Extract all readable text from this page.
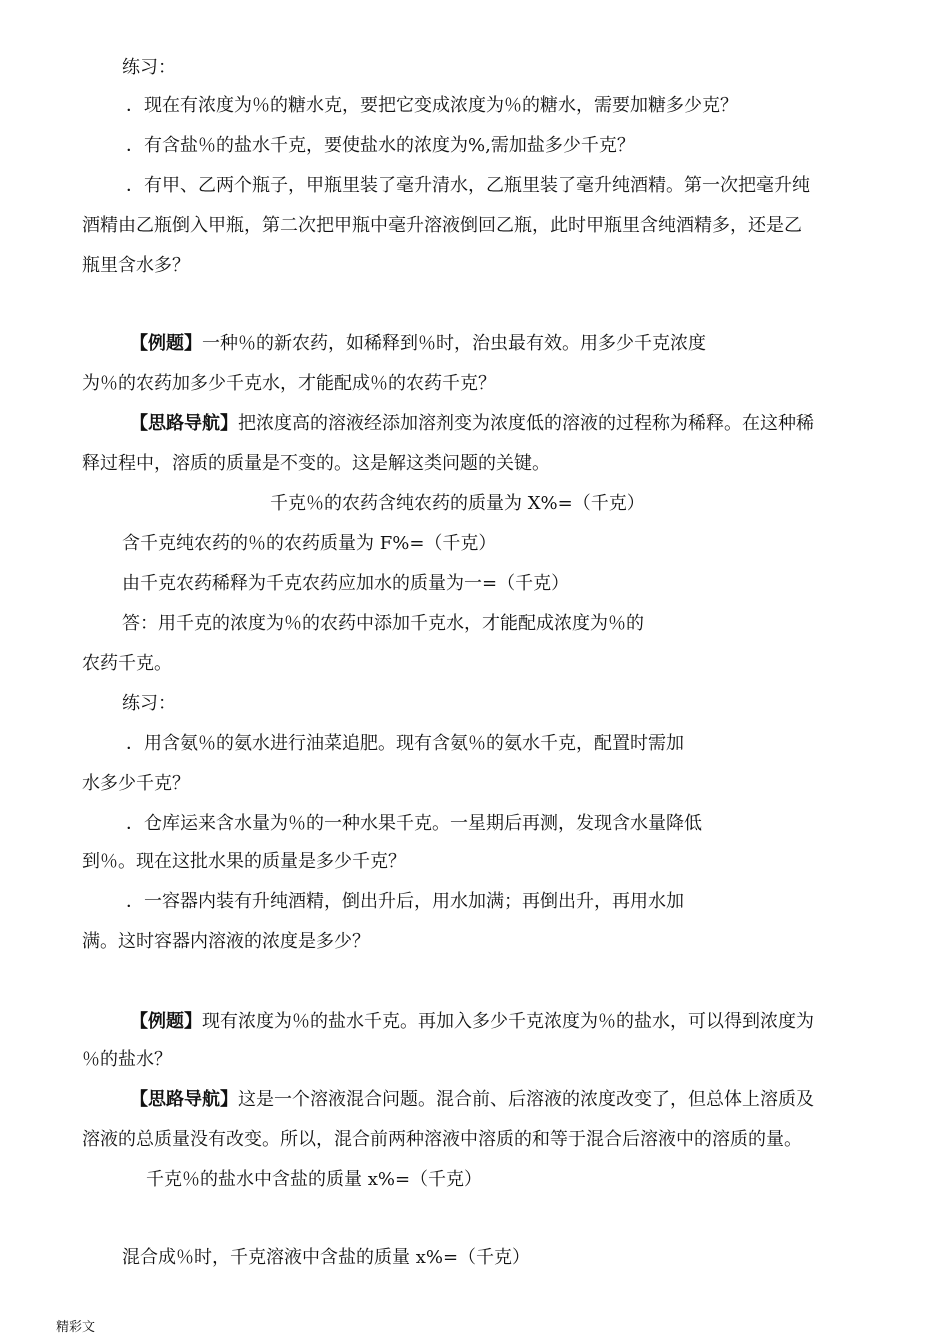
练习：
．现在有浓度为％的糖水克，要把它变成浓度为％的糖水，需要加糖多少克？
．有含盐％的盐水千克，要使盐水的浓度为%,需加盐多少千克？
．有甲、乙两个瓶子，甲瓶里装了毫升清水，乙瓶里装了毫升纯酒精。第一次把毫升纯
酒精由乙瓶倒入甲瓶，第二次把甲瓶中毫升溶液倒回乙瓶，此时甲瓶里含纯酒精多，还是乙
瓶里含水多？
【例题】一种％的新农药，如稀释到％时，治虫最有效。用多少千克浓度
为％的农药加多少千克水，才能配成％的农药千克？
【思路导航】把浓度高的溶液经添加溶剂变为浓度低的溶液的过程称为稀释。在这种稀
释过程中，溶质的质量是不变的。这是解这类问题的关键。
千克％的农药含纯农药的质量为 X%=（千克）
含千克纯农药的％的农药质量为 F%=（千克）
由千克农药稀释为千克农药应加水的质量为一=（千克）
答：用千克的浓度为％的农药中添加千克水，才能配成浓度为％的
农药千克。
练习：
．用含氨％的氨水进行油菜追肥。现有含氨％的氨水千克，配置时需加
水多少千克？
．仓库运来含水量为％的一种水果千克。一星期后再测，发现含水量降低
到％。现在这批水果的质量是多少千克？
．一容器内装有升纯酒精，倒出升后，用水加满；再倒出升，再用水加
满。这时容器内溶液的浓度是多少？
【例题】现有浓度为％的盐水千克。再加入多少千克浓度为％的盐水，可以得到浓度为
％的盐水？
【思路导航】这是一个溶液混合问题。混合前、后溶液的浓度改变了，但总体上溶质及
溶液的总质量没有改变。所以，混合前两种溶液中溶质的和等于混合后溶液中的溶质的量。
千克％的盐水中含盐的质量 x%=（千克）
混合成％时，千克溶液中含盐的质量 x%=（千克）
精彩文
